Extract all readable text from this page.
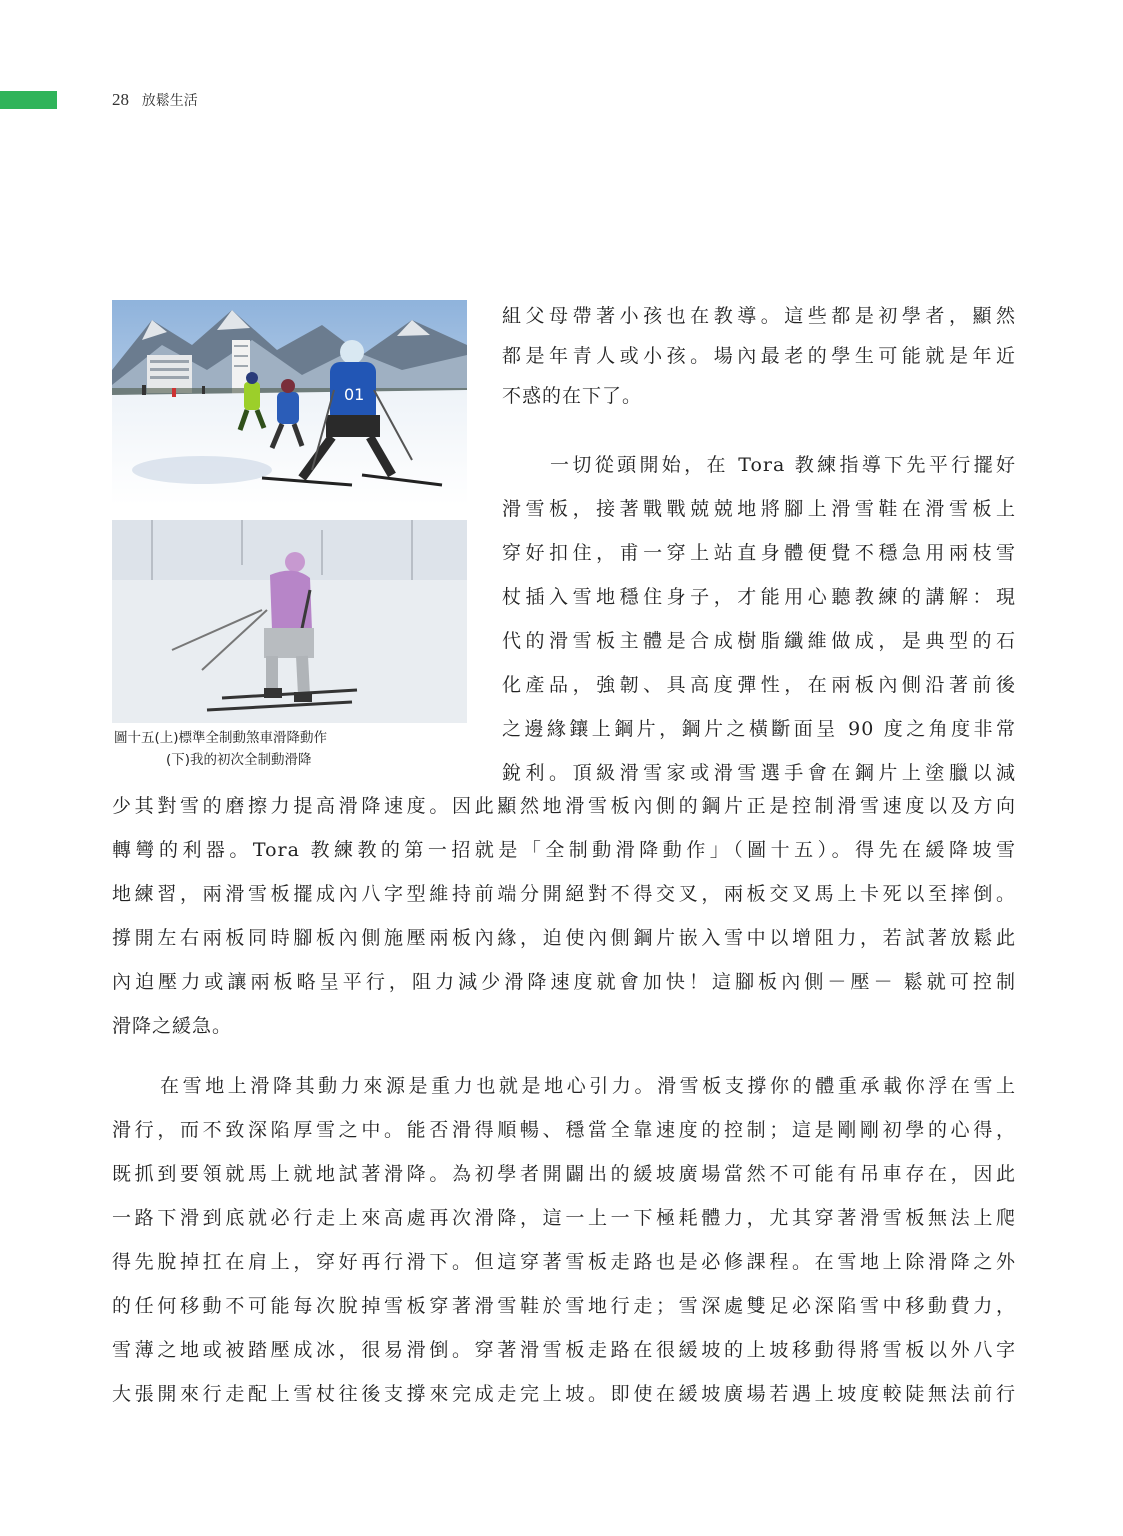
28 放鬆生活
01
圖十五(上)標準全制動煞車滑降動作
(下)我的初次全制動滑降
組父母帶著小孩也在教導。這些都是初學者，顯然
都是年青人或小孩。場內最老的學生可能就是年近
不惑的在下了。
一切從頭開始，在 Tora 教練指導下先平行擺好
滑雪板，接著戰戰兢兢地將腳上滑雪鞋在滑雪板上
穿好扣住，甫一穿上站直身體便覺不穩急用兩枝雪
杖插入雪地穩住身子，才能用心聽教練的講解：現
代的滑雪板主體是合成樹脂纖維做成，是典型的石
化產品，強韌、具高度彈性，在兩板內側沿著前後
之邊緣鑲上鋼片，鋼片之橫斷面呈 90 度之角度非常
銳利。頂級滑雪家或滑雪選手會在鋼片上塗臘以減
少其對雪的磨擦力提高滑降速度。因此顯然地滑雪板內側的鋼片正是控制滑雪速度以及方向
轉彎的利器。Tora 教練教的第一招就是「全制動滑降動作」（圖十五）。得先在緩降坡雪
地練習，兩滑雪板擺成內八字型維持前端分開絕對不得交叉，兩板交叉馬上卡死以至摔倒。
撐開左右兩板同時腳板內側施壓兩板內緣，迫使內側鋼片嵌入雪中以增阻力，若試著放鬆此
內迫壓力或讓兩板略呈平行，阻力減少滑降速度就會加快！這腳板內側－壓－ 鬆就可控制
滑降之緩急。
在雪地上滑降其動力來源是重力也就是地心引力。滑雪板支撐你的體重承載你浮在雪上
滑行，而不致深陷厚雪之中。能否滑得順暢、穩當全靠速度的控制；這是剛剛初學的心得，
既抓到要領就馬上就地試著滑降。為初學者開闢出的緩坡廣場當然不可能有吊車存在，因此
一路下滑到底就必行走上來高處再次滑降，這一上一下極耗體力，尤其穿著滑雪板無法上爬
得先脫掉扛在肩上，穿好再行滑下。但這穿著雪板走路也是必修課程。在雪地上除滑降之外
的任何移動不可能每次脫掉雪板穿著滑雪鞋於雪地行走；雪深處雙足必深陷雪中移動費力，
雪薄之地或被踏壓成冰，很易滑倒。穿著滑雪板走路在很緩坡的上坡移動得將雪板以外八字
大張開來行走配上雪杖往後支撐來完成走完上坡。即使在緩坡廣場若遇上坡度較陡無法前行
